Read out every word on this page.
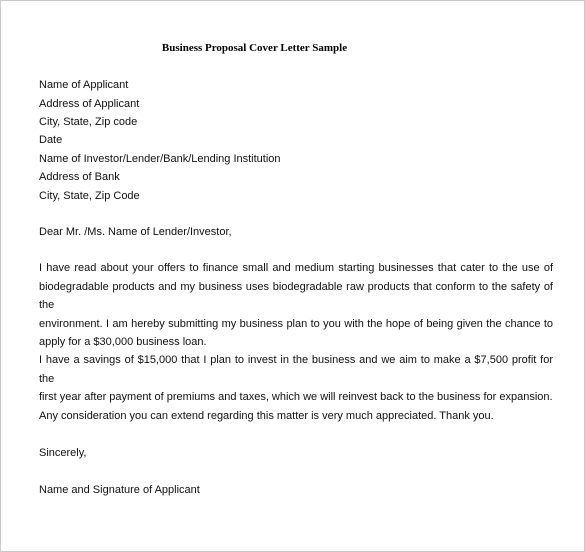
Business Proposal Cover Letter Sample
Name of Applicant
Address of Applicant
City, State, Zip code
Date
Name of Investor/Lender/Bank/Lending Institution
Address of Bank
City, State, Zip Code
Dear Mr. /Ms. Name of Lender/Investor,
I have read about your offers to finance small and medium starting businesses that cater to the use of
biodegradable products and my business uses biodegradable raw products that conform to the safety of the
environment. I am hereby submitting my business plan to you with the hope of being given the chance to
apply for a $30,000 business loan.
I have a savings of $15,000 that I plan to invest in the business and we aim to make a $7,500 profit for the
first year after payment of premiums and taxes, which we will reinvest back to the business for expansion.
Any consideration you can extend regarding this matter is very much appreciated. Thank you.
Sincerely,
Name and Signature of Applicant
